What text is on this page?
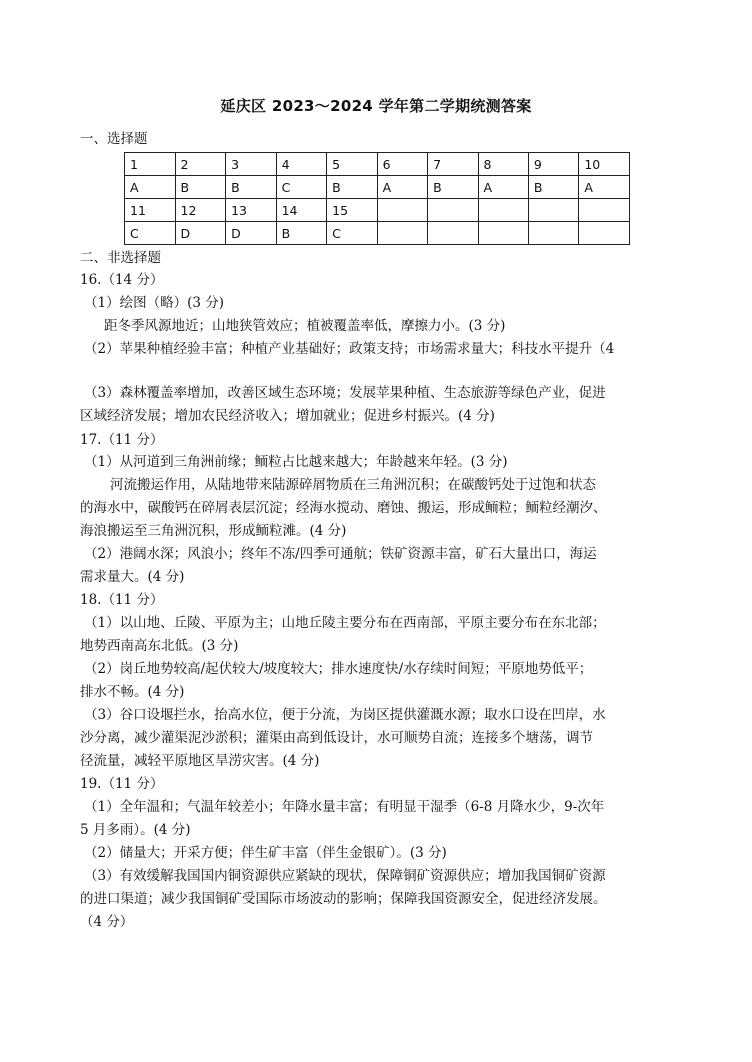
延庆区 2023～2024 学年第二学期统测答案
一、选择题
1	2	3	4	5	6	7	8	9	10
A	B	B	C	B	A	B	A	B	A
11	12	13	14	15					
C	D	D	B	C					
二、非选择题
16.（14 分）
（1）绘图（略）(3 分)
距冬季风源地近；山地狭管效应；植被覆盖率低，摩擦力小。(3 分)
（2）苹果种植经验丰富；种植产业基础好；政策支持；市场需求量大；科技水平提升（4
（3）森林覆盖率增加，改善区域生态环境；发展苹果种植、生态旅游等绿色产业，促进
区域经济发展；增加农民经济收入；增加就业；促进乡村振兴。(4 分)
17.（11 分）
（1）从河道到三角洲前缘；鲕粒占比越来越大；年龄越来年轻。(3 分)
河流搬运作用，从陆地带来陆源碎屑物质在三角洲沉积；在碳酸钙处于过饱和状态
的海水中，碳酸钙在碎屑表层沉淀；经海水搅动、磨蚀、搬运，形成鲕粒；鲕粒经潮汐、
海浪搬运至三角洲沉积，形成鲕粒滩。(4 分)
（2）港阔水深；风浪小；终年不冻/四季可通航；铁矿资源丰富，矿石大量出口，海运
需求量大。(4 分)
18.（11 分）
（1）以山地、丘陵、平原为主；山地丘陵主要分布在西南部，平原主要分布在东北部；
地势西南高东北低。(3 分)
（2）岗丘地势较高/起伏较大/坡度较大；排水速度快/水存续时间短；平原地势低平；
排水不畅。(4 分)
（3）谷口设堰拦水，抬高水位，便于分流，为岗区提供灌溉水源；取水口设在凹岸，水
沙分离，减少灌渠泥沙淤积；灌渠由高到低设计，水可顺势自流；连接多个塘荡，调节
径流量，减轻平原地区旱涝灾害。(4 分)
19.（11 分）
（1）全年温和；气温年较差小；年降水量丰富；有明显干湿季（6-8 月降水少，9-次年
5 月多雨）。(4 分)
（2）储量大；开采方便；伴生矿丰富（伴生金银矿）。(3 分)
（3）有效缓解我国国内铜资源供应紧缺的现状，保障铜矿资源供应；增加我国铜矿资源
的进口渠道；减少我国铜矿受国际市场波动的影响；保障我国资源安全，促进经济发展。
（4 分）
